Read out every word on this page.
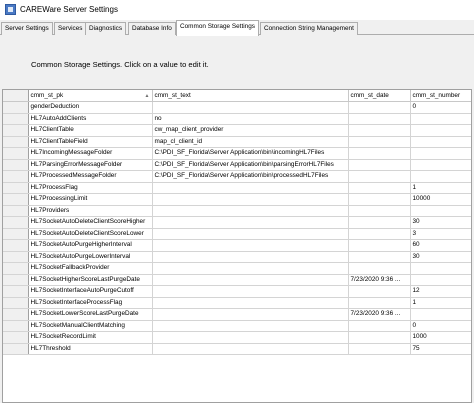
CAREWare Server Settings
Server Settings	Services	Diagnostics	Database Info	Common Storage Settings	Connection String Management
Common Storage Settings. Click on a value to edit it.
	cmm_st_pk ▲	cmm_st_text	cmm_st_date	cmm_st_number
	genderDeduction			0
	HL7AutoAddClients	no		
	HL7ClientTable	cw_map_client_provider		
	HL7ClientTableField	map_cl_client_id		
	HL7IncomingMessageFolder	C:\PDI_SF_Florida\Server Application\bin\incomingHL7Files		
	HL7ParsingErrorMessageFolder	C:\PDI_SF_Florida\Server Application\bin\parsingErrorHL7Files		
	HL7ProcessedMessageFolder	C:\PDI_SF_Florida\Server Application\bin\processedHL7Files		
	HL7ProcessFlag			1
	HL7ProcessingLimit			10000
	HL7Providers			
	HL7SocketAutoDeleteClientScoreHigher			30
	HL7SocketAutoDeleteClientScoreLower			3
	HL7SocketAutoPurgeHigherInterval			60
	HL7SocketAutoPurgeLowerInterval			30
	HL7SocketFallbackProvider			
	HL7SocketHigherScoreLastPurgeDate		7/23/2020 9:36 ...	
	HL7SocketInterfaceAutoPurgeCutoff			12
	HL7SocketInterfaceProcessFlag			1
	HL7SocketLowerScoreLastPurgeDate		7/23/2020 9:36 ...	
	HL7SocketManualClientMatching			0
	HL7SocketRecordLimit			1000
	HL7Threshold			75
